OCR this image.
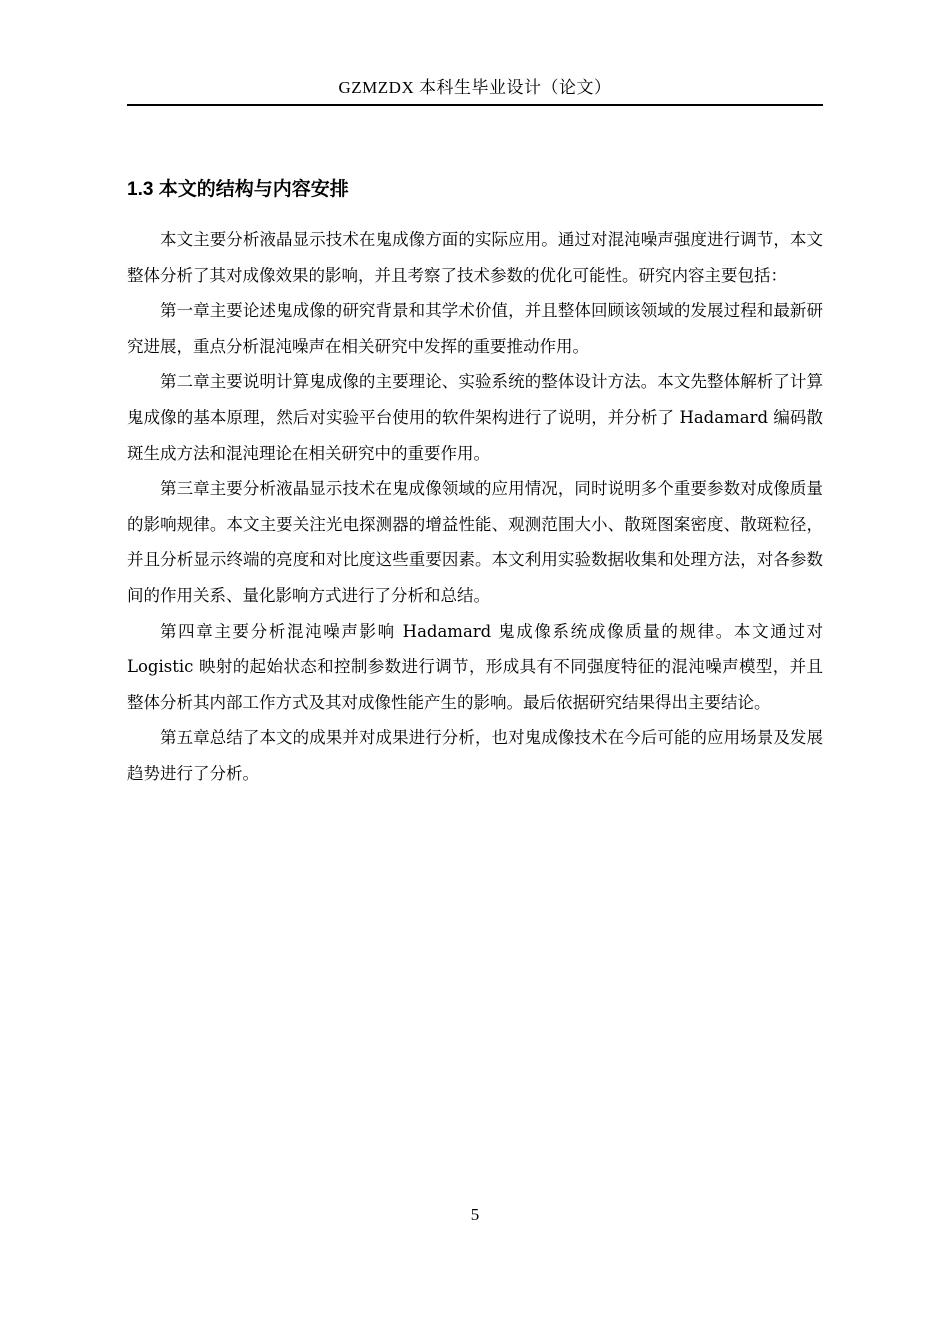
GZMZDX 本科生毕业设计（论文）
1.3 本文的结构与内容安排

本文主要分析液晶显示技术在鬼成像方面的实际应用。通过对混沌噪声强度进行调节，本文整体分析了其对成像效果的影响，并且考察了技术参数的优化可能性。研究内容主要包括：

第一章主要论述鬼成像的研究背景和其学术价值，并且整体回顾该领域的发展过程和最新研究进展，重点分析混沌噪声在相关研究中发挥的重要推动作用。

第二章主要说明计算鬼成像的主要理论、实验系统的整体设计方法。本文先整体解析了计算鬼成像的基本原理，然后对实验平台使用的软件架构进行了说明，并分析了 Hadamard 编码散斑生成方法和混沌理论在相关研究中的重要作用。

第三章主要分析液晶显示技术在鬼成像领域的应用情况，同时说明多个重要参数对成像质量的影响规律。本文主要关注光电探测器的增益性能、观测范围大小、散斑图案密度、散斑粒径，并且分析显示终端的亮度和对比度这些重要因素。本文利用实验数据收集和处理方法，对各参数间的作用关系、量化影响方式进行了分析和总结。

第四章主要分析混沌噪声影响 Hadamard 鬼成像系统成像质量的规律。本文通过对 Logistic 映射的起始状态和控制参数进行调节，形成具有不同强度特征的混沌噪声模型，并且整体分析其内部工作方式及其对成像性能产生的影响。最后依据研究结果得出主要结论。

第五章总结了本文的成果并对成果进行分析，也对鬼成像技术在今后可能的应用场景及发展趋势进行了分析。

5
